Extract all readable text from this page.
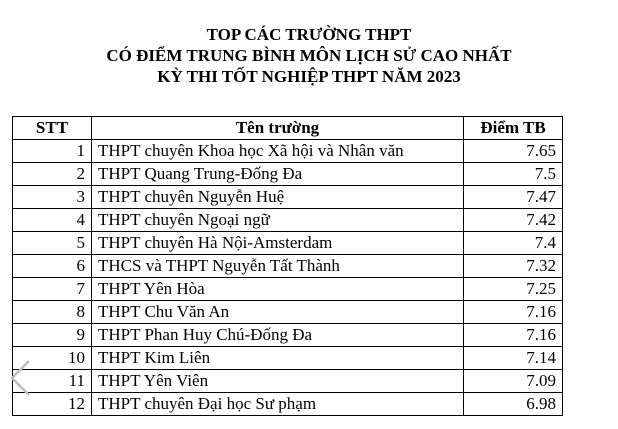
TOP CÁC TRƯỜNG THPT
CÓ ĐIỂM TRUNG BÌNH MÔN LỊCH SỬ CAO NHẤT
KỲ THI TỐT NGHIỆP THPT NĂM 2023
STT	Tên trường	Điểm TB
1	THPT chuyên Khoa học Xã hội và Nhân văn	7.65
2	THPT Quang Trung-Đống Đa	7.5
3	THPT chuyên Nguyễn Huệ	7.47
4	THPT chuyên Ngoại ngữ	7.42
5	THPT chuyên Hà Nội-Amsterdam	7.4
6	THCS và THPT Nguyễn Tất Thành	7.32
7	THPT Yên Hòa	7.25
8	THPT Chu Văn An	7.16
9	THPT Phan Huy Chú-Đống Đa	7.16
10	THPT Kim Liên	7.14
11	THPT Yên Viên	7.09
12	THPT chuyên Đại học Sư phạm	6.98
